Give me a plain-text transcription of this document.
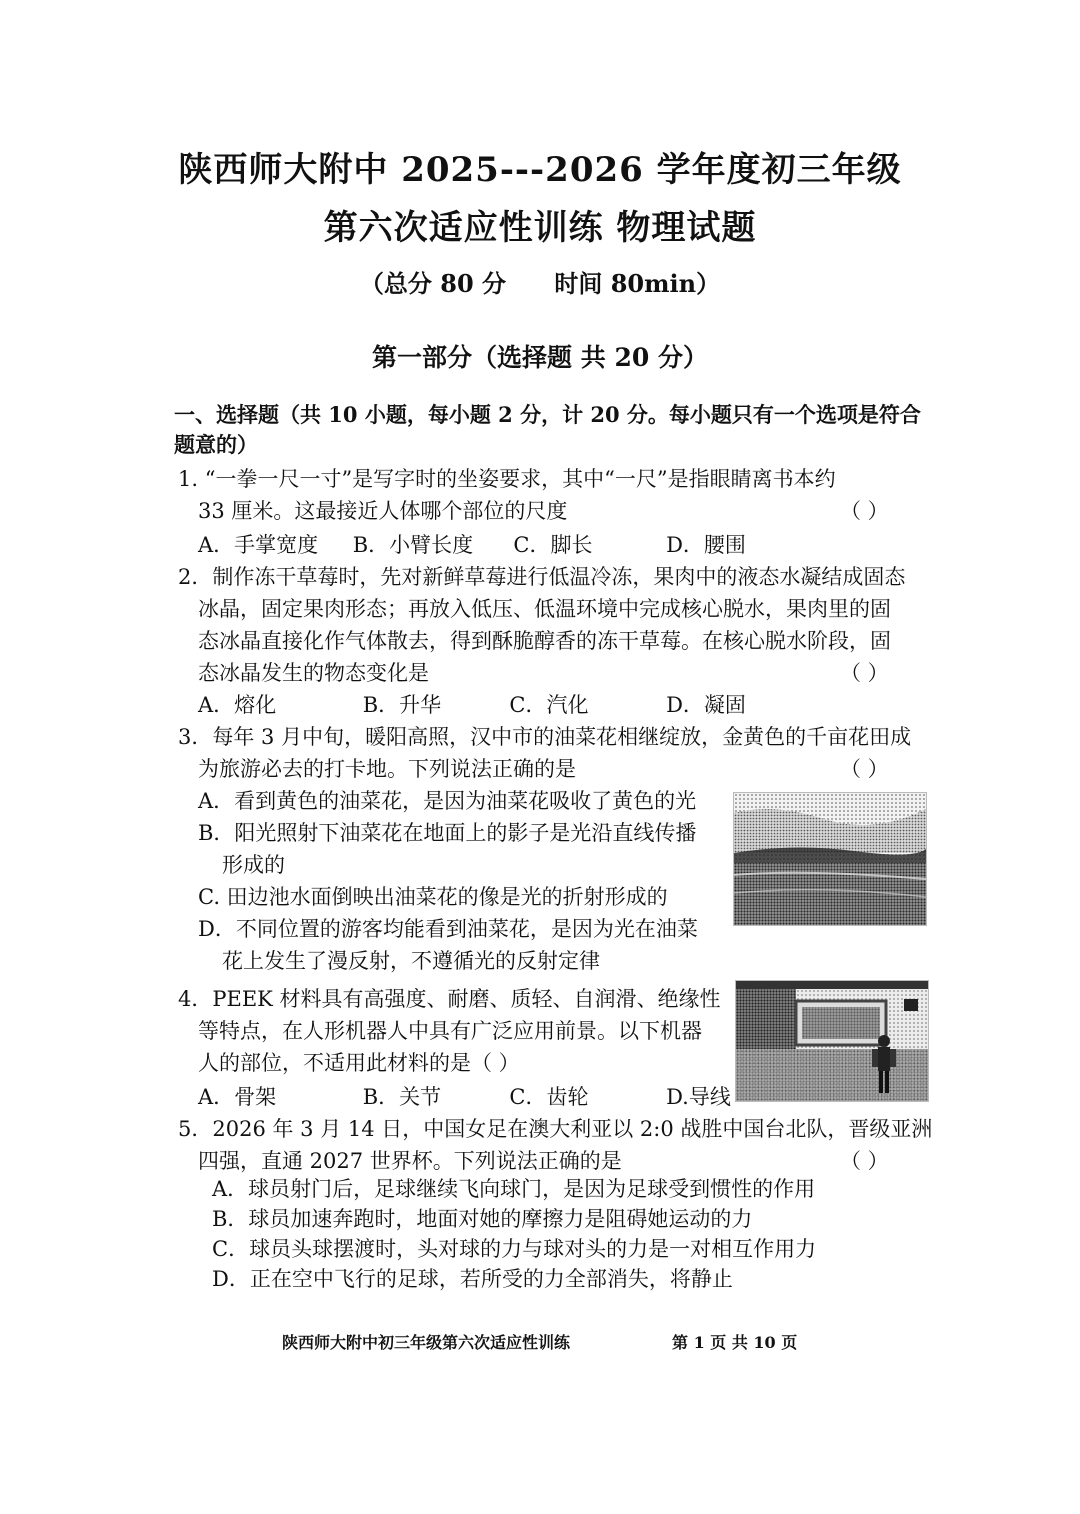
陕西师大附中 2025---2026 学年度初三年级
第六次适应性训练 物理试题
（总分 80 分 时间 80min）
第一部分（选择题 共 20 分）
一、选择题（共 10 小题，每小题 2 分，计 20 分。每小题只有一个选项是符合题意的）
1. “一拳一尺一寸”是写字时的坐姿要求，其中“一尺”是指眼睛离书本约
33 厘米。这最接近人体哪个部位的尺度	（ ）
A．手掌宽度 B．小臂长度 C．脚长	D．腰围
2．制作冻干草莓时，先对新鲜草莓进行低温冷冻，果肉中的液态水凝结成固态
冰晶，固定果肉形态；再放入低压、低温环境中完成核心脱水，果肉里的固
态冰晶直接化作气体散去，得到酥脆醇香的冻干草莓。在核心脱水阶段，固
态冰晶发生的物态变化是	（ ）
A．熔化	B．升华	C．汽化	D．凝固
3．每年 3 月中旬，暖阳高照，汉中市的油菜花相继绽放，金黄色的千亩花田成
为旅游必去的打卡地。下列说法正确的是	（ ）
A．看到黄色的油菜花，是因为油菜花吸收了黄色的光
B．阳光照射下油菜花在地面上的影子是光沿直线传播
形成的
C. 田边池水面倒映出油菜花的像是光的折射形成的
D．不同位置的游客均能看到油菜花，是因为光在油菜
花上发生了漫反射，不遵循光的反射定律
4．PEEK 材料具有高强度、耐磨、质轻、自润滑、绝缘性
等特点，在人形机器人中具有广泛应用前景。以下机器
人的部位，不适用此材料的是（ ）
A．骨架	B．关节	C．齿轮	D.导线
5．2026 年 3 月 14 日，中国女足在澳大利亚以 2:0 战胜中国台北队，晋级亚洲
四强，直通 2027 世界杯。下列说法正确的是	（ ）
A．球员射门后，足球继续飞向球门，是因为足球受到惯性的作用
B．球员加速奔跑时，地面对她的摩擦力是阻碍她运动的力
C．球员头球摆渡时，头对球的力与球对头的力是一对相互作用力
D．正在空中飞行的足球，若所受的力全部消失，将静止
陕西师大附中初三年级第六次适应性训练	第 1 页 共 10 页
